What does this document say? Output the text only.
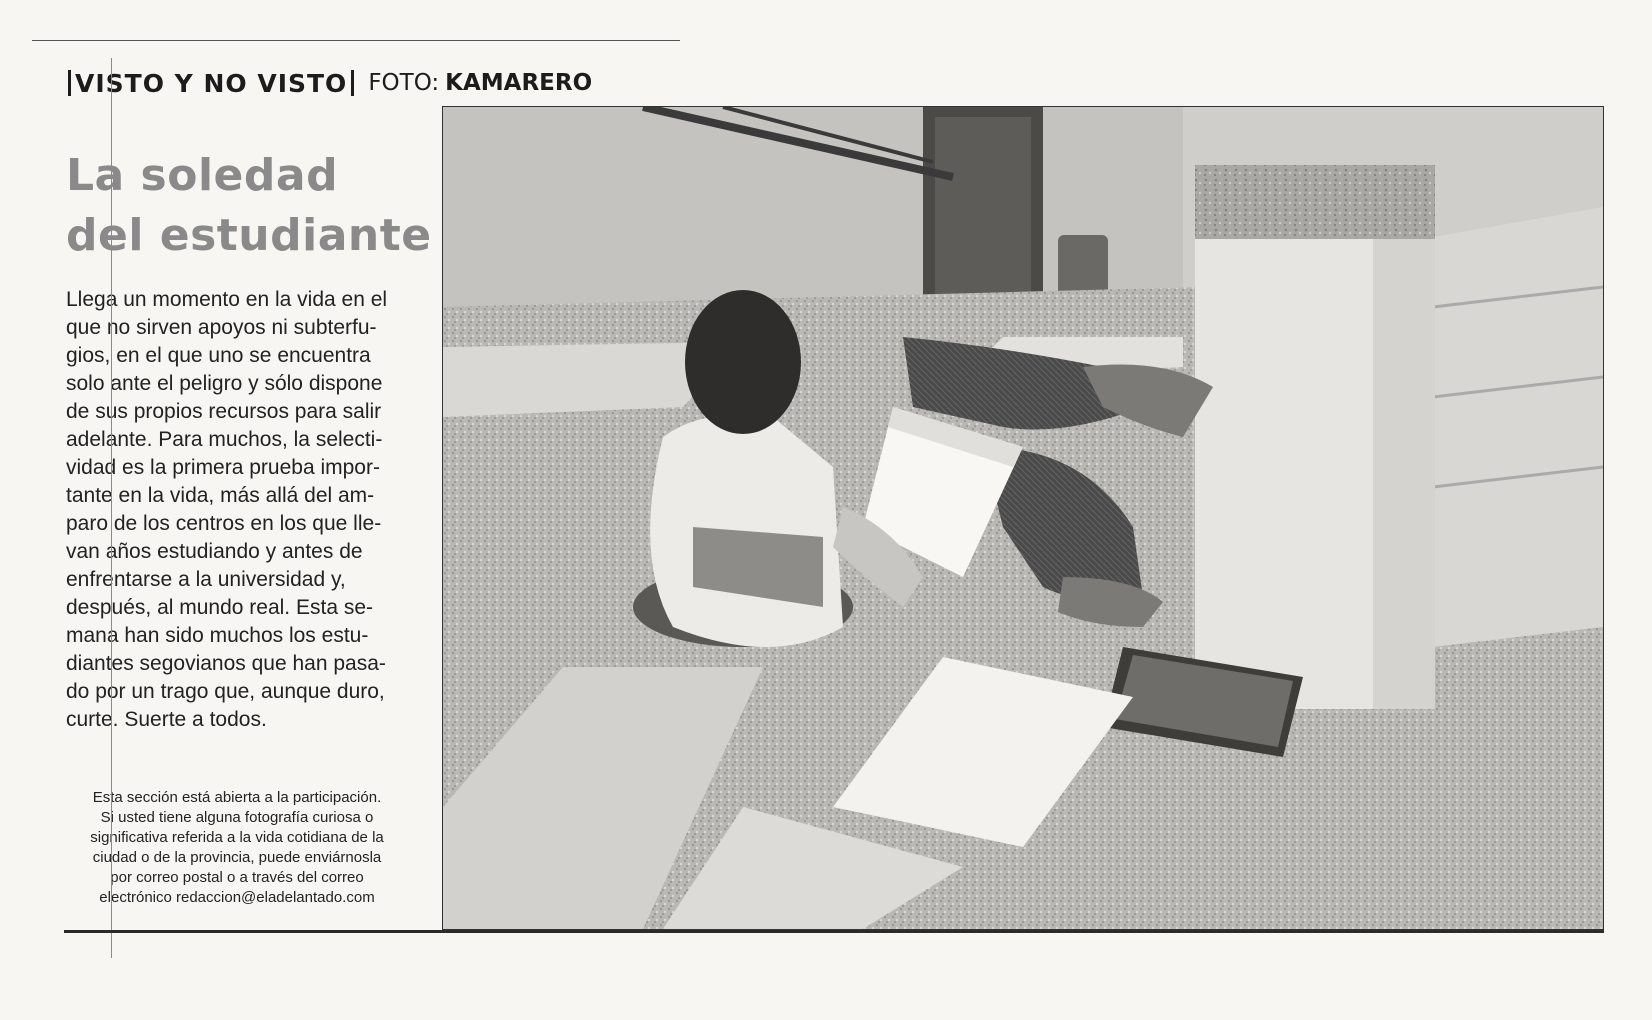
VISTO Y NO VISTO FOTO: KAMARERO
La soledad
del estudiante
Llega un momento en la vida en el
que no sirven apoyos ni subterfu-
gios, en el que uno se encuentra
solo ante el peligro y sólo dispone
de sus propios recursos para salir
adelante. Para muchos, la selecti-
vidad es la primera prueba impor-
tante en la vida, más allá del am-
paro de los centros en los que lle-
van años estudiando y antes de
enfrentarse a la universidad y,
después, al mundo real. Esta se-
mana han sido muchos los estu-
diantes segovianos que han pasa-
do por un trago que, aunque duro,
curte. Suerte a todos.
Esta sección está abierta a la participación.
Si usted tiene alguna fotografía curiosa o
significativa referida a la vida cotidiana de la
ciudad o de la provincia, puede enviárnosla
por correo postal o a través del correo
electrónico redaccion@eladelantado.com
